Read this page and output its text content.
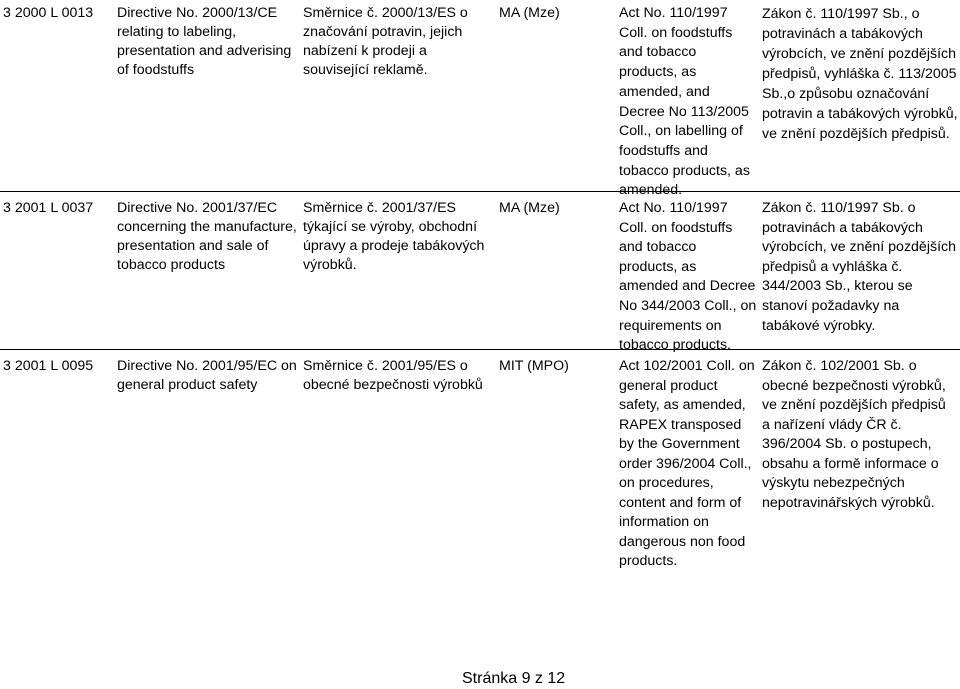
3 2000 L 0013 Directive No. 2000/13/CE
relating to labeling,
presentation and adverising
of foodstuffs

Směrnice č. 2000/13/ES o
značování potravin, jejich
nabízení k prodeji a
související reklamě.

MA (Mze)	Act No. 110/1997
Coll. on foodstuffs
and tobacco
products, as
amended, and
Decree No 113/2005
Coll., on labelling of
foodstuffs and
tobacco products, as
amended.

Zákon č. 110/1997 Sb., o
potravinách a tabákových
výrobcích, ve znění pozdějších
předpisů, vyhláška č. 113/2005
Sb.,o způsobu označování
potravin a tabákových výrobků,
ve znění pozdějších předpisů.

3 2001 L 0037 Directive No. 2001/37/EC
concerning the manufacture,
presentation and sale of
tobacco products

Směrnice č. 2001/37/ES
týkající se výroby, obchodní
úpravy a prodeje tabákových
výrobků.

MA (Mze)	Act No. 110/1997
Coll. on foodstuffs
and tobacco
products, as
amended and Decree
No 344/2003 Coll., on
requirements on
tobacco products.

Zákon č. 110/1997 Sb. o
potravinách a tabákových
výrobcích, ve znění pozdějších
předpisů a vyhláška č.
344/2003 Sb., kterou se
stanoví požadavky na
tabákové výrobky.

3 2001 L 0095 Directive No. 2001/95/EC on
general product safety

Směrnice č. 2001/95/ES o
obecné bezpečnosti výrobků

MIT (MPO)	Act 102/2001 Coll. on
general product
safety, as amended,
RAPEX transposed
by the Government
order 396/2004 Coll.,
on procedures,
content and form of
information on
dangerous non food
products.

Zákon č. 102/2001 Sb. o
obecné bezpečnosti výrobků,
ve znění pozdějších předpisů
a nařízení vlády ČR č.
396/2004 Sb. o postupech,
obsahu a formě informace o
výskytu nebezpečných
nepotravinářských výrobků.

Stránka 9 z 12
